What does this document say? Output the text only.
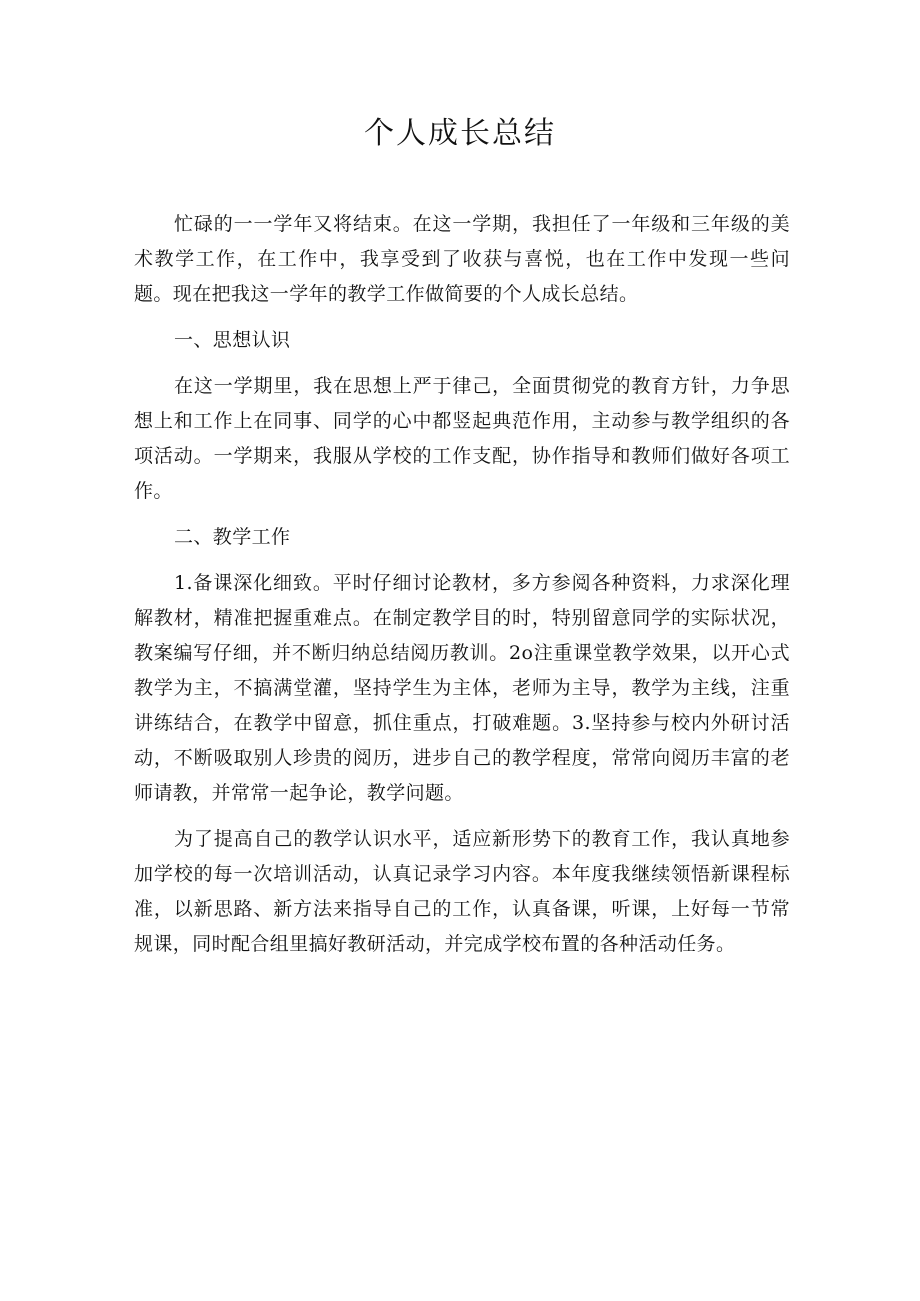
个人成长总结

忙碌的一一学年又将结束。在这一学期，我担任了一年级和三年级的美术教学工作，在工作中，我享受到了收获与喜悦，也在工作中发现一些问题。现在把我这一学年的教学工作做简要的个人成长总结。

一、思想认识

在这一学期里，我在思想上严于律己，全面贯彻党的教育方针，力争思想上和工作上在同事、同学的心中都竖起典范作用，主动参与教学组织的各项活动。一学期来，我服从学校的工作支配，协作指导和教师们做好各项工作。

二、教学工作

1.备课深化细致。平时仔细讨论教材，多方参阅各种资料，力求深化理解教材，精准把握重难点。在制定教学目的时，特别留意同学的实际状况，教案编写仔细，并不断归纳总结阅历教训。2o注重课堂教学效果，以开心式教学为主，不搞满堂灌，坚持学生为主体，老师为主导，教学为主线，注重讲练结合，在教学中留意，抓住重点，打破难题。3.坚持参与校内外研讨活动，不断吸取别人珍贵的阅历，进步自己的教学程度，常常向阅历丰富的老师请教，并常常一起争论，教学问题。

为了提高自己的教学认识水平，适应新形势下的教育工作，我认真地参加学校的每一次培训活动，认真记录学习内容。本年度我继续领悟新课程标准，以新思路、新方法来指导自己的工作，认真备课，听课，上好每一节常规课，同时配合组里搞好教研活动，并完成学校布置的各种活动任务。
